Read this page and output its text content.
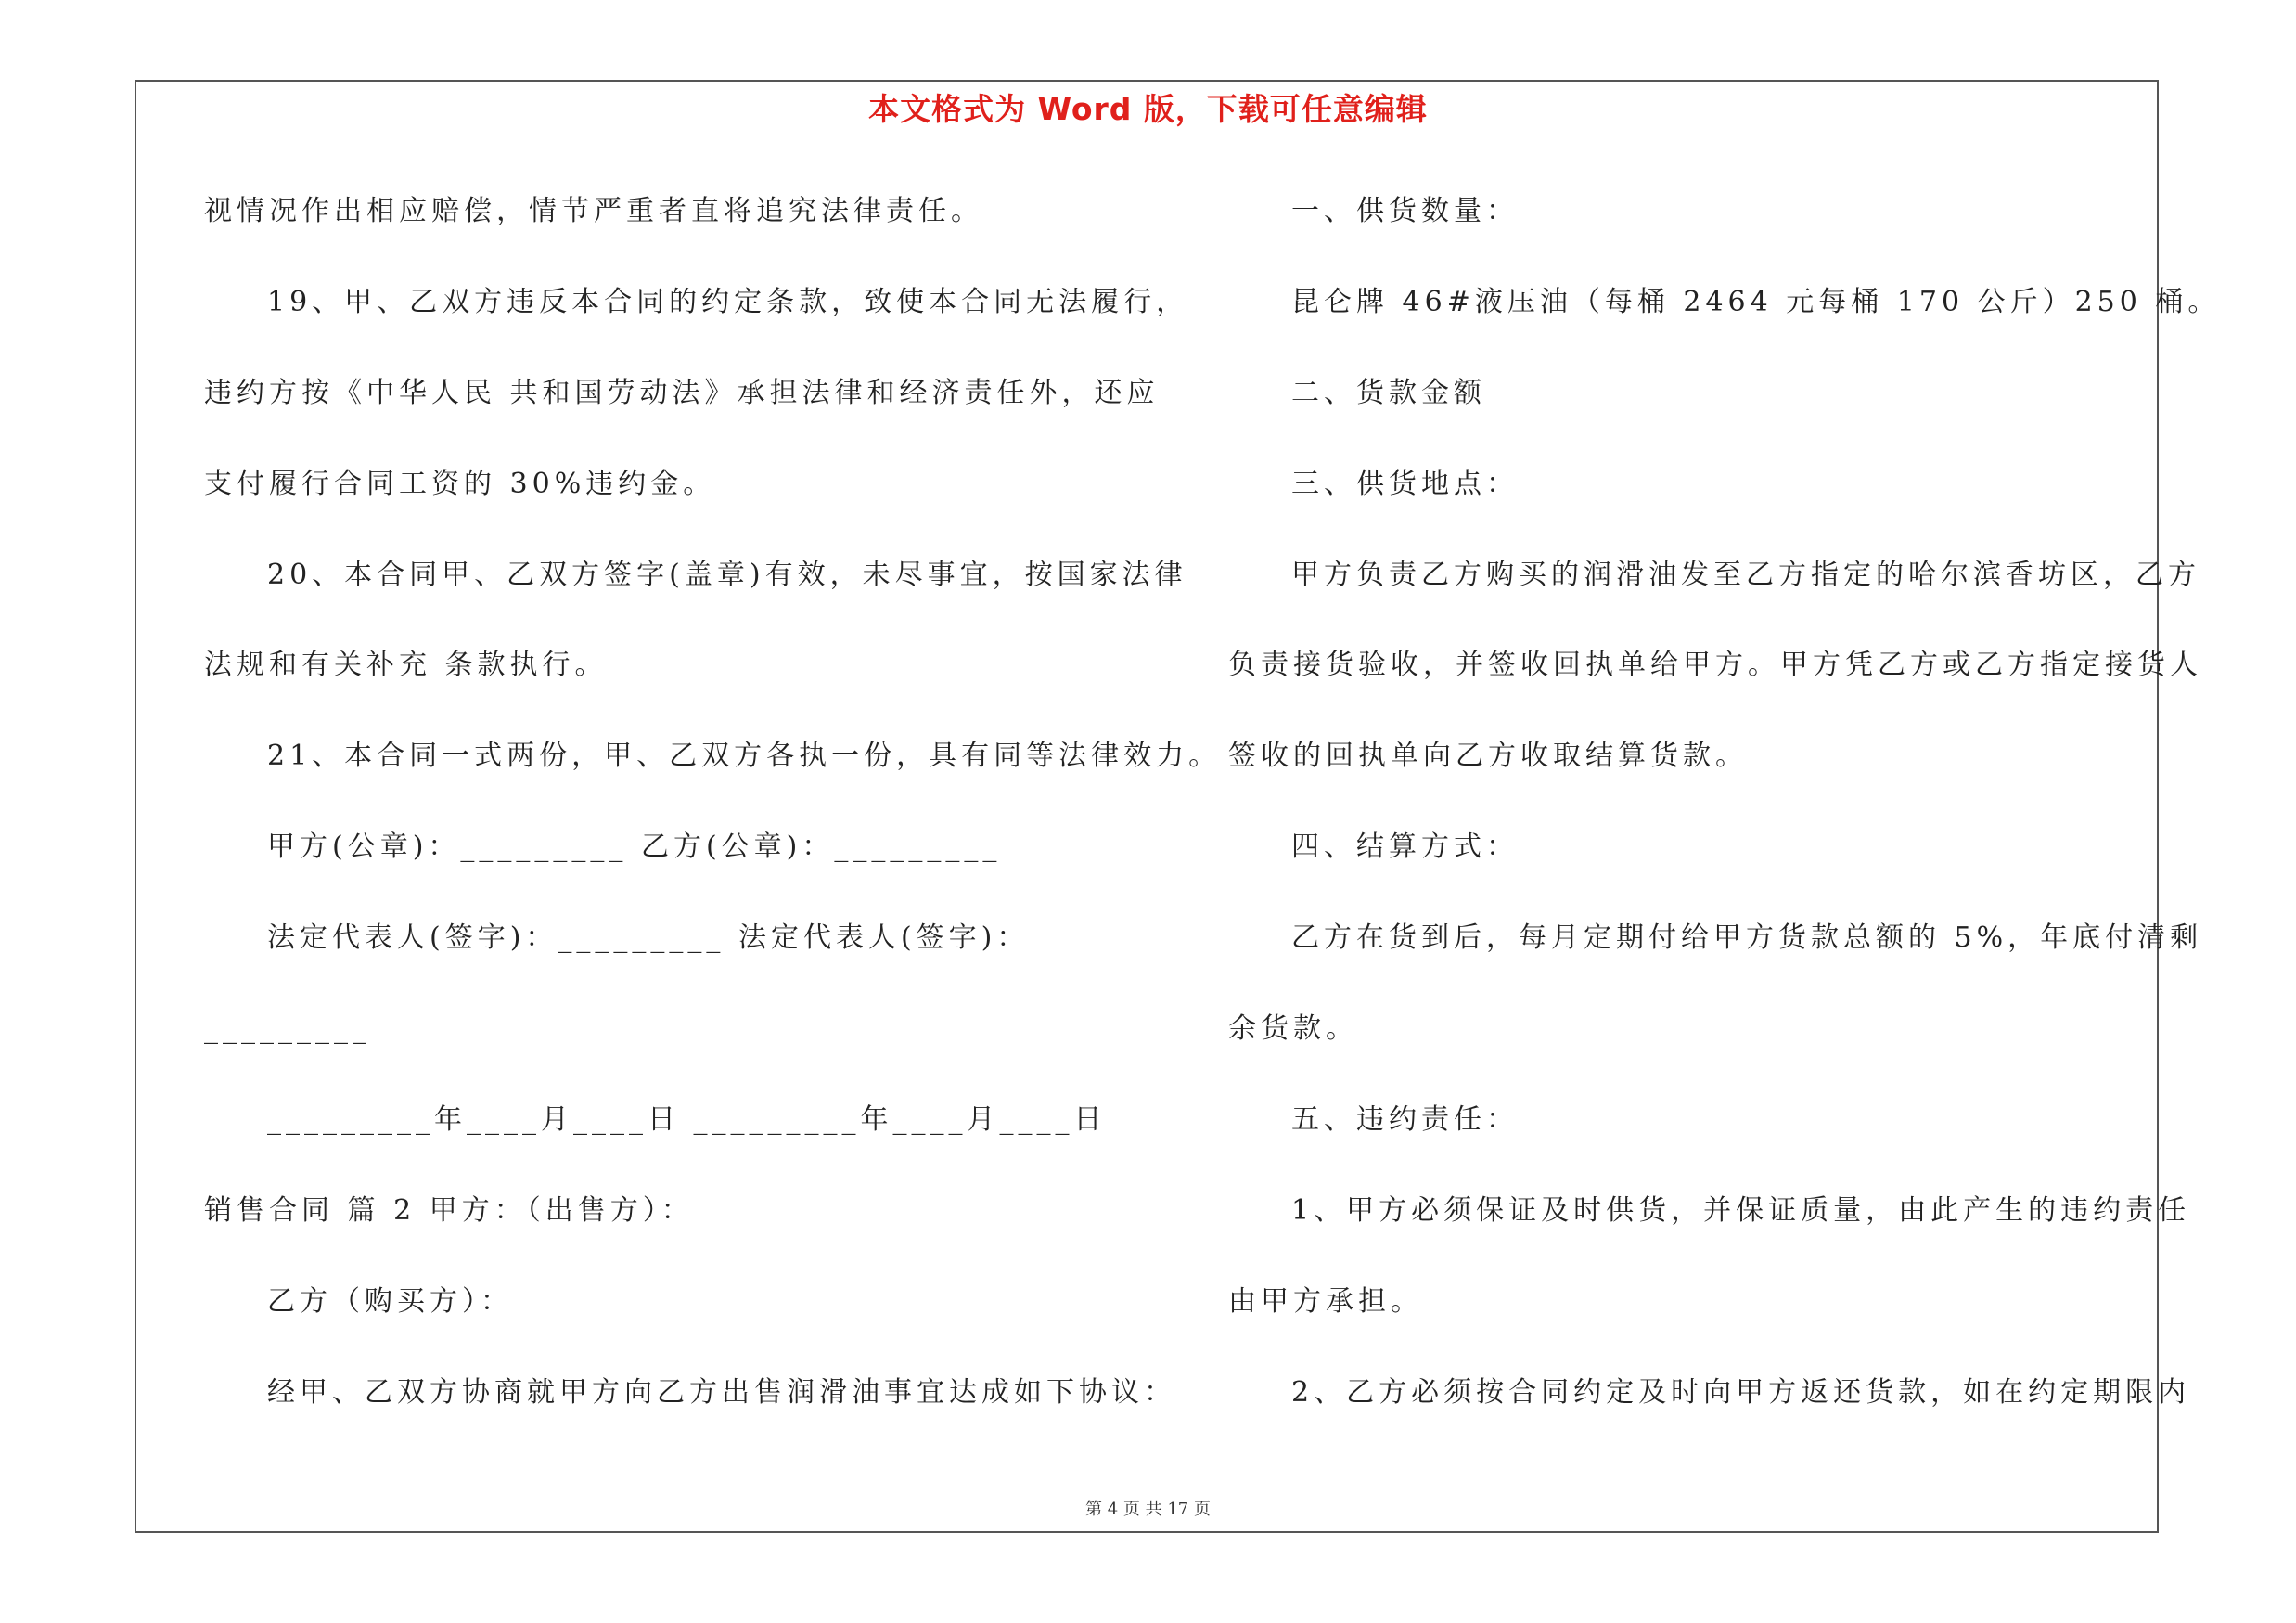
本文格式为 Word 版，下载可任意编辑
视情况作出相应赔偿，情节严重者直将追究法律责任。
19、甲、乙双方违反本合同的约定条款，致使本合同无法履行，
违约方按《中华人民 共和国劳动法》承担法律和经济责任外，还应
支付履行合同工资的 30%违约金。
20、本合同甲、乙双方签字(盖章)有效，未尽事宜，按国家法律
法规和有关补充 条款执行。
21、本合同一式两份，甲、乙双方各执一份，具有同等法律效力。
甲方(公章)：_________ 乙方(公章)：_________
法定代表人(签字)：_________ 法定代表人(签字)：
_________
_________年____月____日 _________年____月____日
销售合同 篇 2 甲方：（出售方）：
乙方（购买方）：
经甲、乙双方协商就甲方向乙方出售润滑油事宜达成如下协议：
一、供货数量：
昆仑牌 46#液压油（每桶 2464 元每桶 170 公斤）250 桶。
二、货款金额
三、供货地点：
甲方负责乙方购买的润滑油发至乙方指定的哈尔滨香坊区，乙方
负责接货验收，并签收回执单给甲方。甲方凭乙方或乙方指定接货人
签收的回执单向乙方收取结算货款。
四、结算方式：
乙方在货到后，每月定期付给甲方货款总额的 5%，年底付清剩
余货款。
五、违约责任：
1、甲方必须保证及时供货，并保证质量，由此产生的违约责任
由甲方承担。
2、乙方必须按合同约定及时向甲方返还货款，如在约定期限内
第 4 页 共 17 页
